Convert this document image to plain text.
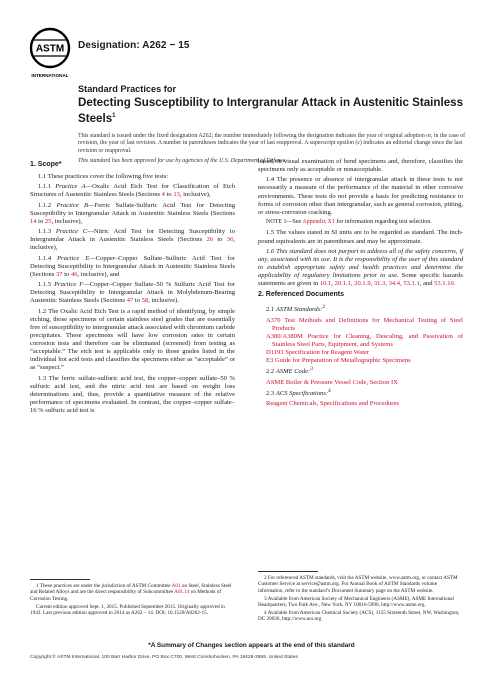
ASTM
INTERNATIONAL
Designation: A262 − 15
Standard Practices for
Detecting Susceptibility to Intergranular Attack in Austenitic Stainless Steels$^1$

This standard is issued under the fixed designation A262; the number immediately following the designation indicates the year of original adoption or, in the case of revision, the year of last revision. A number in parentheses indicates the year of last reapproval. A superscript epsilon (ε) indicates an editorial change since the last revision or reapproval.

This standard has been approved for use by agencies of the U.S. Department of Defense.

1. Scope*

1.1 These practices cover the following five tests:

1.1.1 Practice A—Oxalic Acid Etch Test for Classification of Etch Structures of Austenitic Stainless Steels (Sections 4 to 13, inclusive),

1.1.2 Practice B—Ferric Sulfate-Sulfuric Acid Test for Detecting Susceptibility to Intergranular Attack in Austenitic Stainless Steels (Sections 14 to 25, inclusive),

1.1.3 Practice C—Nitric Acid Test for Detecting Susceptibility to Intergranular Attack in Austenitic Stainless Steels (Sections 26 to 36, inclusive),

1.1.4 Practice E—Copper–Copper Sulfate–Sulfuric Acid Test for Detecting Susceptibility to Intergranular Attack in Austenitic Stainless Steels (Sections 37 to 46, inclusive), and

1.1.5 Practice F—Copper–Copper Sulfate–50 % Sulfuric Acid Test for Detecting Susceptibility to Intergranular Attack in Molybdenum-Bearing Austenitic Stainless Steels (Sections 47 to 58, inclusive).

1.2 The Oxalic Acid Etch Test is a rapid method of identifying, by simple etching, those specimens of certain stainless steel grades that are essentially free of susceptibility to intergranular attack associated with chromium carbide precipitates. These specimens will have low corrosion rates in certain corrosion tests and therefore can be eliminated (screened) from testing as “acceptable.” The etch test is applicable only to those grades listed in the individual hot acid tests and classifies the specimens either as “acceptable” or as “suspect.”

1.3 The ferric sulfate-sulfuric acid test, the copper–copper sulfate–50 % sulfuric acid test, and the nitric acid test are based on weight loss determinations and, thus, provide a quantitative measure of the relative performance of specimens evaluated. In contrast, the copper–copper sulfate–16 % sulfuric acid test is

1 These practices are under the jurisdiction of ASTM Committee A01 on Steel, Stainless Steel and Related Alloys and are the direct responsibility of Subcommittee A01.14 on Methods of Corrosion Testing.

Current edition approved Sept. 1, 2015. Published September 2015. Originally approved in 1943. Last previous edition approved in 2014 as A262 – 14. DOI: 10.1520/A0262-15.

based on visual examination of bend specimens and, therefore, classifies the specimens only as acceptable or nonacceptable.

1.4 The presence or absence of intergranular attack in these tests is not necessarily a measure of the performance of the material in other corrosive environments. These tests do not provide a basis for predicting resistance to forms of corrosion other than intergranular, such as general corrosion, pitting, or stress-corrosion cracking.

NOTE 1—See Appendix X1 for information regarding test selection.

1.5 The values stated in SI units are to be regarded as standard. The inch-pound equivalents are in parentheses and may be approximate.

1.6 This standard does not purport to address all of the safety concerns, if any, associated with its use. It is the responsibility of the user of this standard to establish appropriate safety and health practices and determine the applicability of regulatory limitations prior to use. Some specific hazards statements are given in 10.1, 20.1.1, 20.1.9, 31.3, 34.4, 53.1.1, and 53.1.10.

2. Referenced Documents

2.1 ASTM Standards:$^2$

A370 Test Methods and Definitions for Mechanical Testing of Steel Products

A380/A380M Practice for Cleaning, Descaling, and Passivation of Stainless Steel Parts, Equipment, and Systems

D1193 Specification for Reagent Water

E3 Guide for Preparation of Metallographic Specimens

2.2 ASME Code:$^3$

ASME Boiler & Pressure Vessel Code, Section IX

2.3 ACS Specifications:$^4$

Reagent Chemicals, Specifications and Procedures

2 For referenced ASTM standards, visit the ASTM website, www.astm.org, or contact ASTM Customer Service at service@astm.org. For Annual Book of ASTM Standards volume information, refer to the standard’s Document Summary page on the ASTM website.

3 Available from American Society of Mechanical Engineers (ASME), ASME International Headquarters, Two Park Ave., New York, NY 10016-5990, http://www.asme.org.

4 Available from American Chemical Society (ACS), 1155 Sixteenth Street, NW, Washington, DC 20036, http://www.acs.org

*A Summary of Changes section appears at the end of this standard
Copyright © ASTM International, 100 Barr Harbor Drive, PO Box C700, West Conshohocken, PA 19428-2959. United States
